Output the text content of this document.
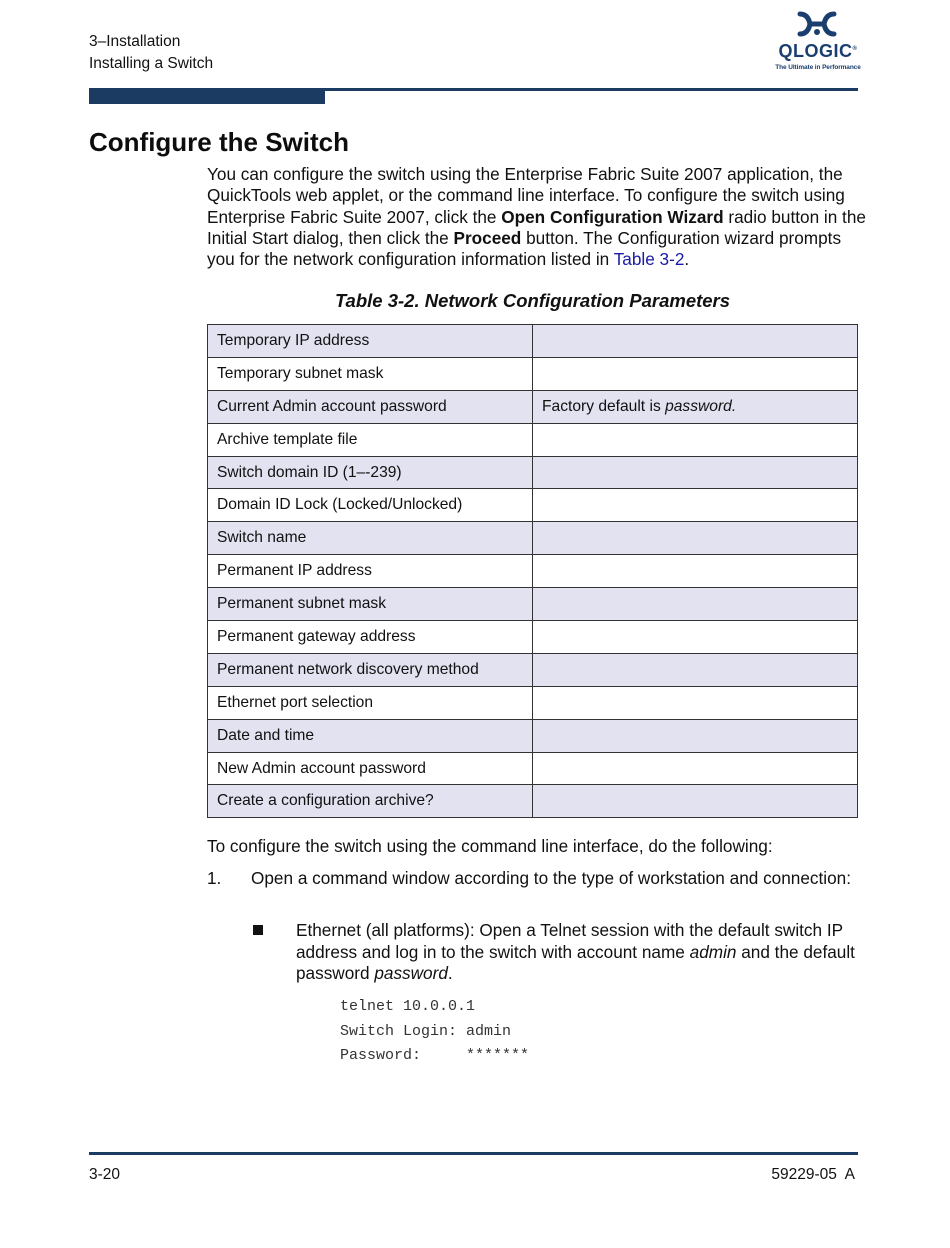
3–Installation
Installing a Switch
QLOGIC®
The Ultimate in Performance
Configure the Switch

You can configure the switch using the Enterprise Fabric Suite 2007 application, the QuickTools web applet, or the command line interface. To configure the switch using Enterprise Fabric Suite 2007, click the Open Configuration Wizard radio button in the Initial Start dialog, then click the Proceed button. The Configuration wizard prompts you for the network configuration information listed in Table 3-2.

Table 3-2. Network Configuration Parameters
Temporary IP address	
Temporary subnet mask	
Current Admin account password	Factory default is password.
Archive template file	
Switch domain ID (1–-239)	
Domain ID Lock (Locked/Unlocked)	
Switch name	
Permanent IP address	
Permanent subnet mask	
Permanent gateway address	
Permanent network discovery method	
Ethernet port selection	
Date and time	
New Admin account password	
Create a configuration archive?	

To configure the switch using the command line interface, do the following:

1. Open a command window according to the type of workstation and connection:
Ethernet (all platforms): Open a Telnet session with the default switch IP address and log in to the switch with account name admin and the default password password.
telnet 10.0.0.1
Switch Login: admin
Password:     *******
3-20	59229-05  A
